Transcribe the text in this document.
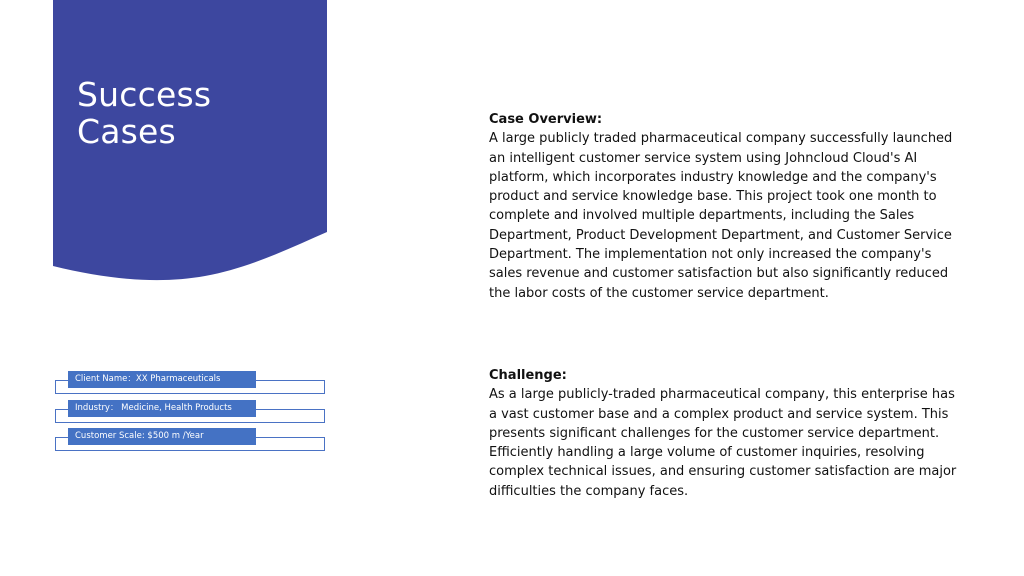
Success
Cases
Client Name：XX Pharmaceuticals
Industry： Medicine, Health Products
Customer Scale: $500 m /Year
Case Overview:

A large publicly traded pharmaceutical company successfully launched an intelligent customer service system using Johncloud Cloud's AI platform, which incorporates industry knowledge and the company's product and service knowledge base. This project took one month to complete and involved multiple departments, including the Sales Department, Product Development Department, and Customer Service Department. The implementation not only increased the company's sales revenue and customer satisfaction but also significantly reduced the labor costs of the customer service department.

Challenge:

As a large publicly-traded pharmaceutical company, this enterprise has a vast customer base and a complex product and service system. This presents significant challenges for the customer service department. Efficiently handling a large volume of customer inquiries, resolving complex technical issues, and ensuring customer satisfaction are major difficulties the company faces.
